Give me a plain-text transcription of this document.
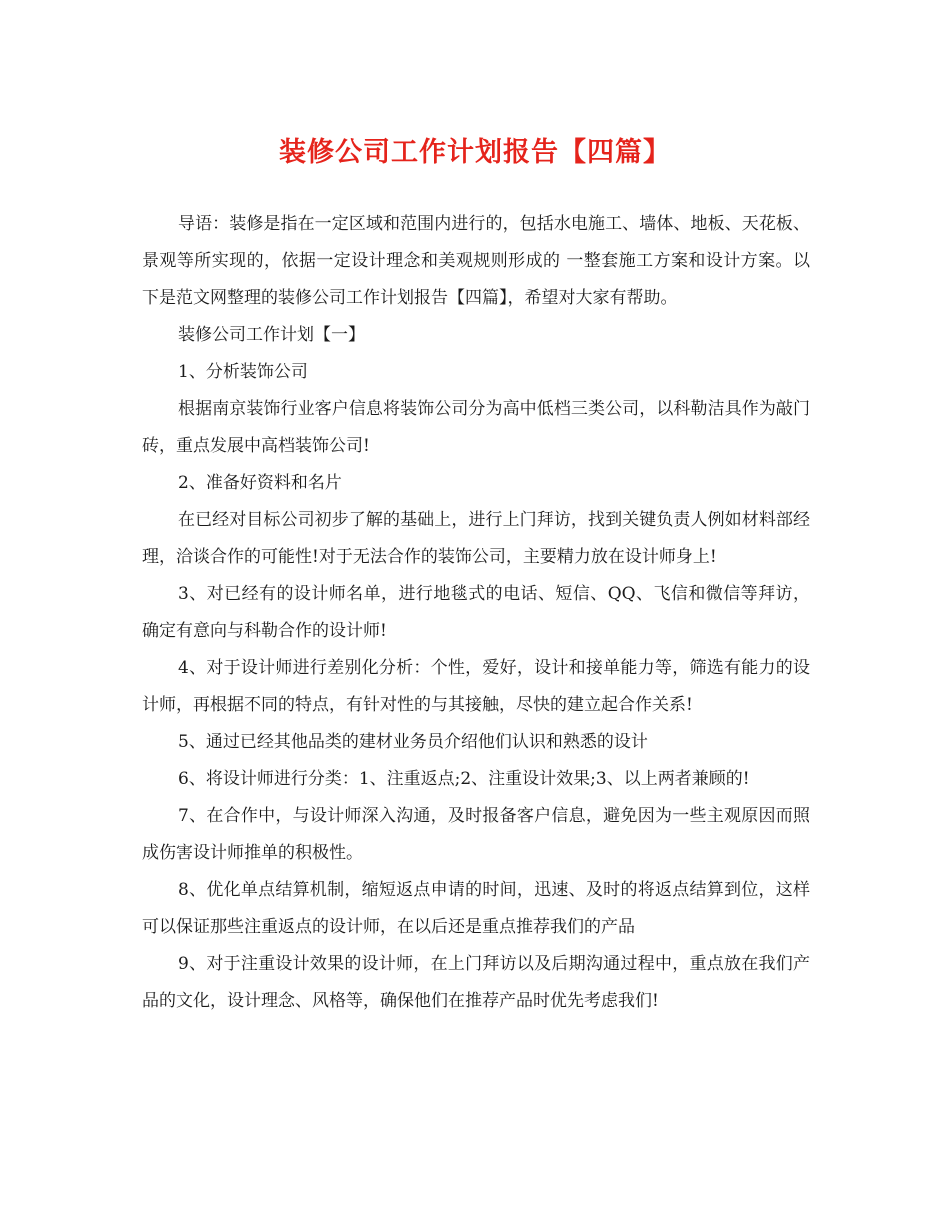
装修公司工作计划报告【四篇】

导语：装修是指在一定区域和范围内进行的，包括水电施工、墙体、地板、天花板、景观等所实现的，依据一定设计理念和美观规则形成的 一整套施工方案和设计方案。以下是范文网整理的装修公司工作计划报告【四篇】，希望对大家有帮助。

装修公司工作计划【一】

1、分析装饰公司

根据南京装饰行业客户信息将装饰公司分为高中低档三类公司，以科勒洁具作为敲门砖，重点发展中高档装饰公司!

2、准备好资料和名片

在已经对目标公司初步了解的基础上，进行上门拜访，找到关键负责人例如材料部经理，洽谈合作的可能性!对于无法合作的装饰公司，主要精力放在设计师身上!

3、对已经有的设计师名单，进行地毯式的电话、短信、QQ、飞信和微信等拜访，确定有意向与科勒合作的设计师!

4、对于设计师进行差别化分析：个性，爱好，设计和接单能力等，筛选有能力的设计师，再根据不同的特点，有针对性的与其接触，尽快的建立起合作关系!

5、通过已经其他品类的建材业务员介绍他们认识和熟悉的设计

6、将设计师进行分类：1、注重返点;2、注重设计效果;3、以上两者兼顾的!

7、在合作中，与设计师深入沟通，及时报备客户信息，避免因为一些主观原因而照成伤害设计师推单的积极性。

8、优化单点结算机制，缩短返点申请的时间，迅速、及时的将返点结算到位，这样可以保证那些注重返点的设计师，在以后还是重点推荐我们的产品

9、对于注重设计效果的设计师，在上门拜访以及后期沟通过程中，重点放在我们产品的文化，设计理念、风格等，确保他们在推荐产品时优先考虑我们!
